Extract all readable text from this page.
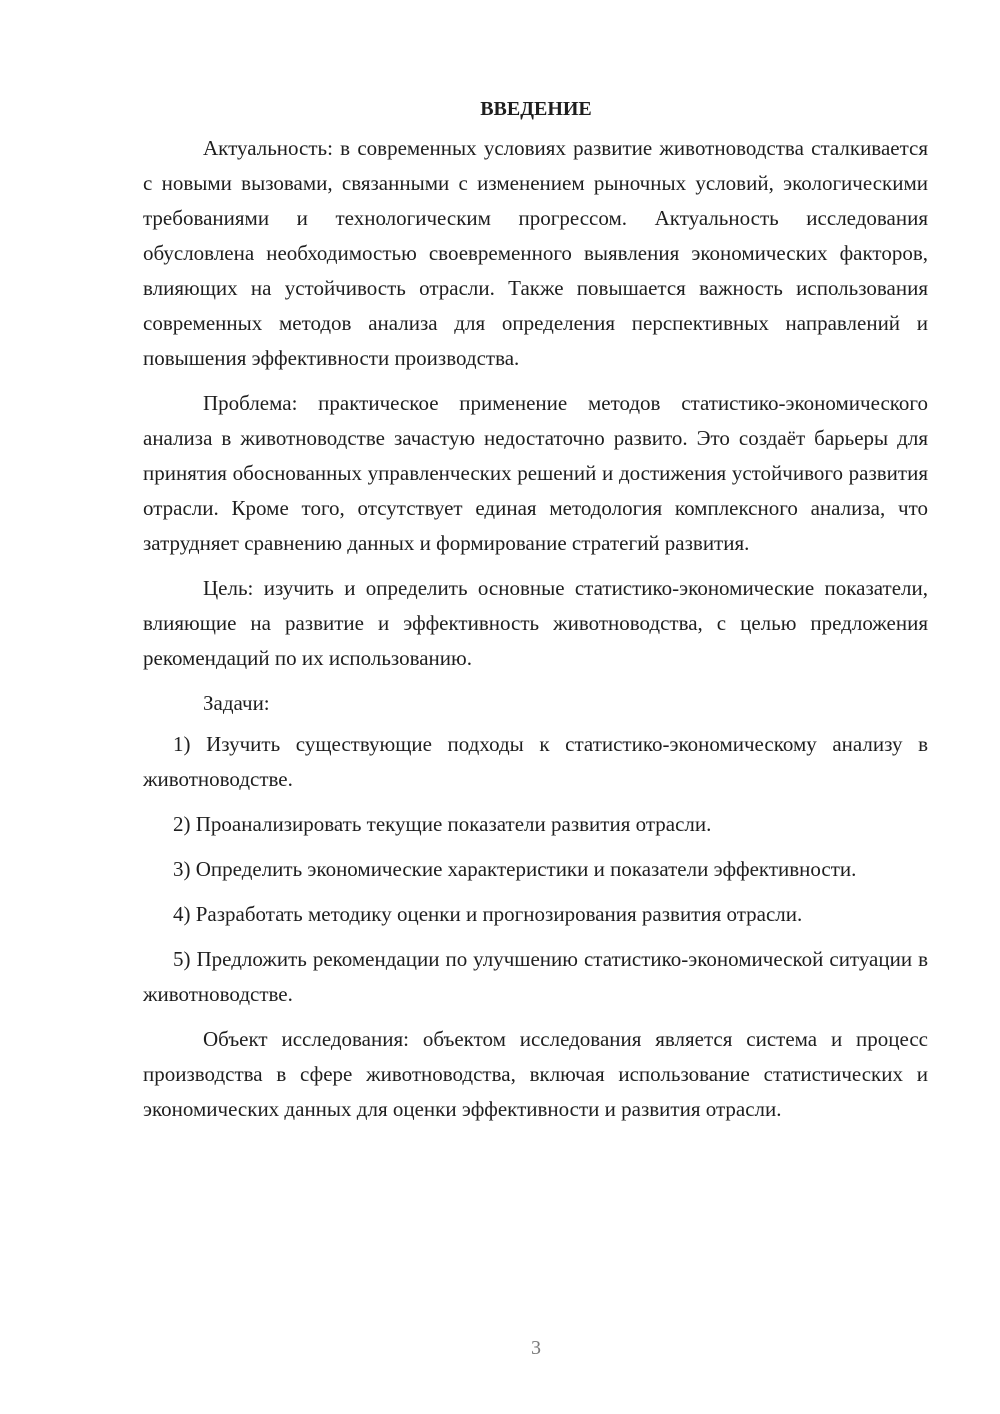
ВВЕДЕНИЕ

Актуальность: в современных условиях развитие животноводства сталкивается с новыми вызовами, связанными с изменением рыночных условий, экологическими требованиями и технологическим прогрессом. Актуальность исследования обусловлена необходимостью своевременного выявления экономических факторов, влияющих на устойчивость отрасли. Также повышается важность использования современных методов анализа для определения перспективных направлений и повышения эффективности производства.

Проблема: практическое применение методов статистико-экономического анализа в животноводстве зачастую недостаточно развито. Это создаёт барьеры для принятия обоснованных управленческих решений и достижения устойчивого развития отрасли. Кроме того, отсутствует единая методология комплексного анализа, что затрудняет сравнению данных и формирование стратегий развития.

Цель: изучить и определить основные статистико-экономические показатели, влияющие на развитие и эффективность животноводства, с целью предложения рекомендаций по их использованию.

Задачи:

1) Изучить существующие подходы к статистико-экономическому анализу в животноводстве.

2) Проанализировать текущие показатели развития отрасли.

3) Определить экономические характеристики и показатели эффективности.

4) Разработать методику оценки и прогнозирования развития отрасли.

5) Предложить рекомендации по улучшению статистико-экономической ситуации в животноводстве.

Объект исследования: объектом исследования является система и процесс производства в сфере животноводства, включая использование статистических и экономических данных для оценки эффективности и развития отрасли.

3
